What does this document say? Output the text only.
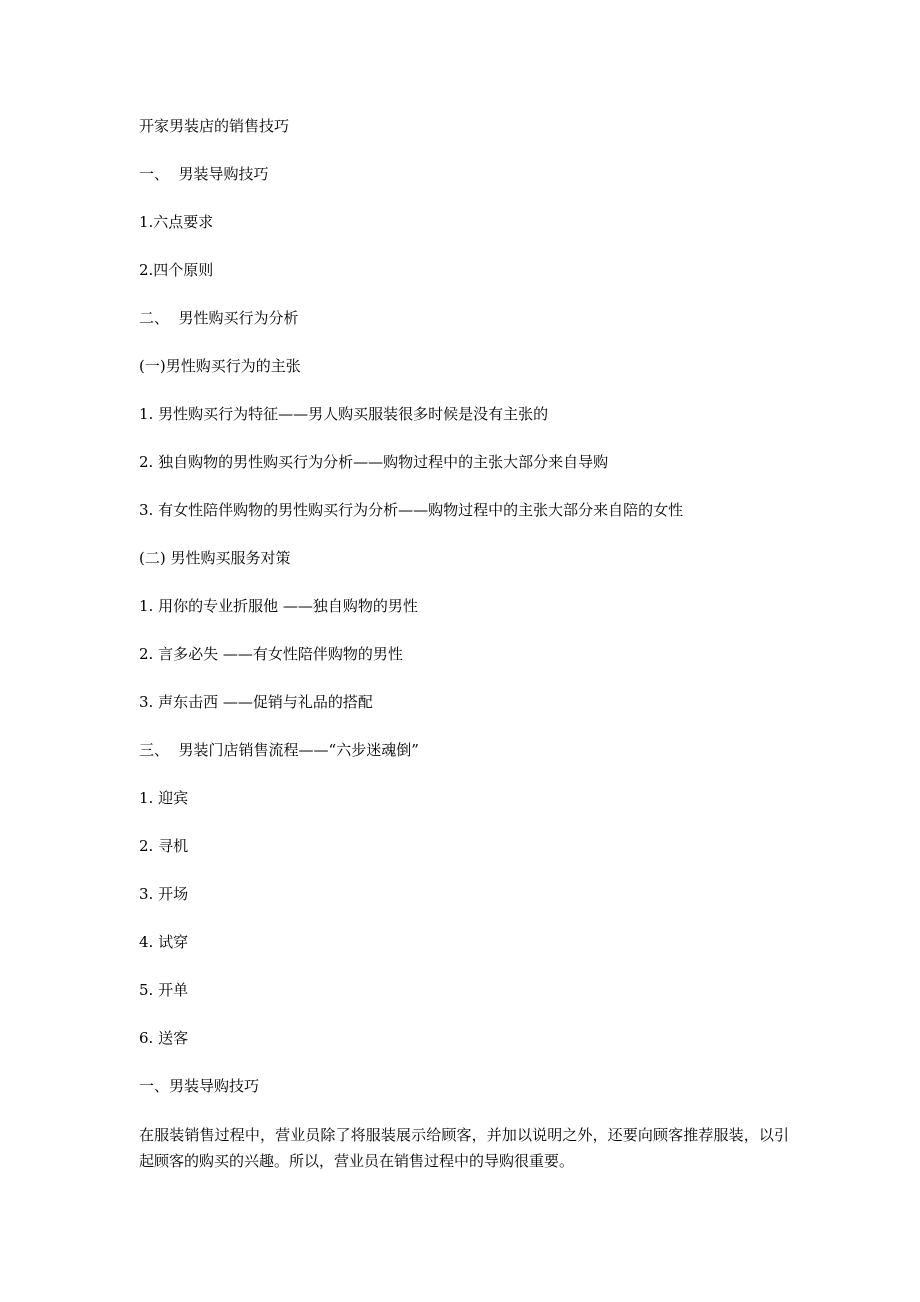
开家男装店的销售技巧
一、  男装导购技巧
1.六点要求
2.四个原则
二、  男性购买行为分析
(一)男性购买行为的主张
1. 男性购买行为特征——男人购买服装很多时候是没有主张的
2. 独自购物的男性购买行为分析——购物过程中的主张大部分来自导购
3. 有女性陪伴购物的男性购买行为分析——购物过程中的主张大部分来自陪的女性
(二) 男性购买服务对策
1. 用你的专业折服他 ——独自购物的男性
2. 言多必失 ——有女性陪伴购物的男性
3. 声东击西 ——促销与礼品的搭配
三、  男装门店销售流程——“六步迷魂倒”
1. 迎宾
2. 寻机
3. 开场
4. 试穿
5. 开单
6. 送客
一、男装导购技巧
在服装销售过程中，营业员除了将服装展示给顾客，并加以说明之外，还要向顾客推荐服装，以引起顾客的购买的兴趣。所以，营业员在销售过程中的导购很重要。
